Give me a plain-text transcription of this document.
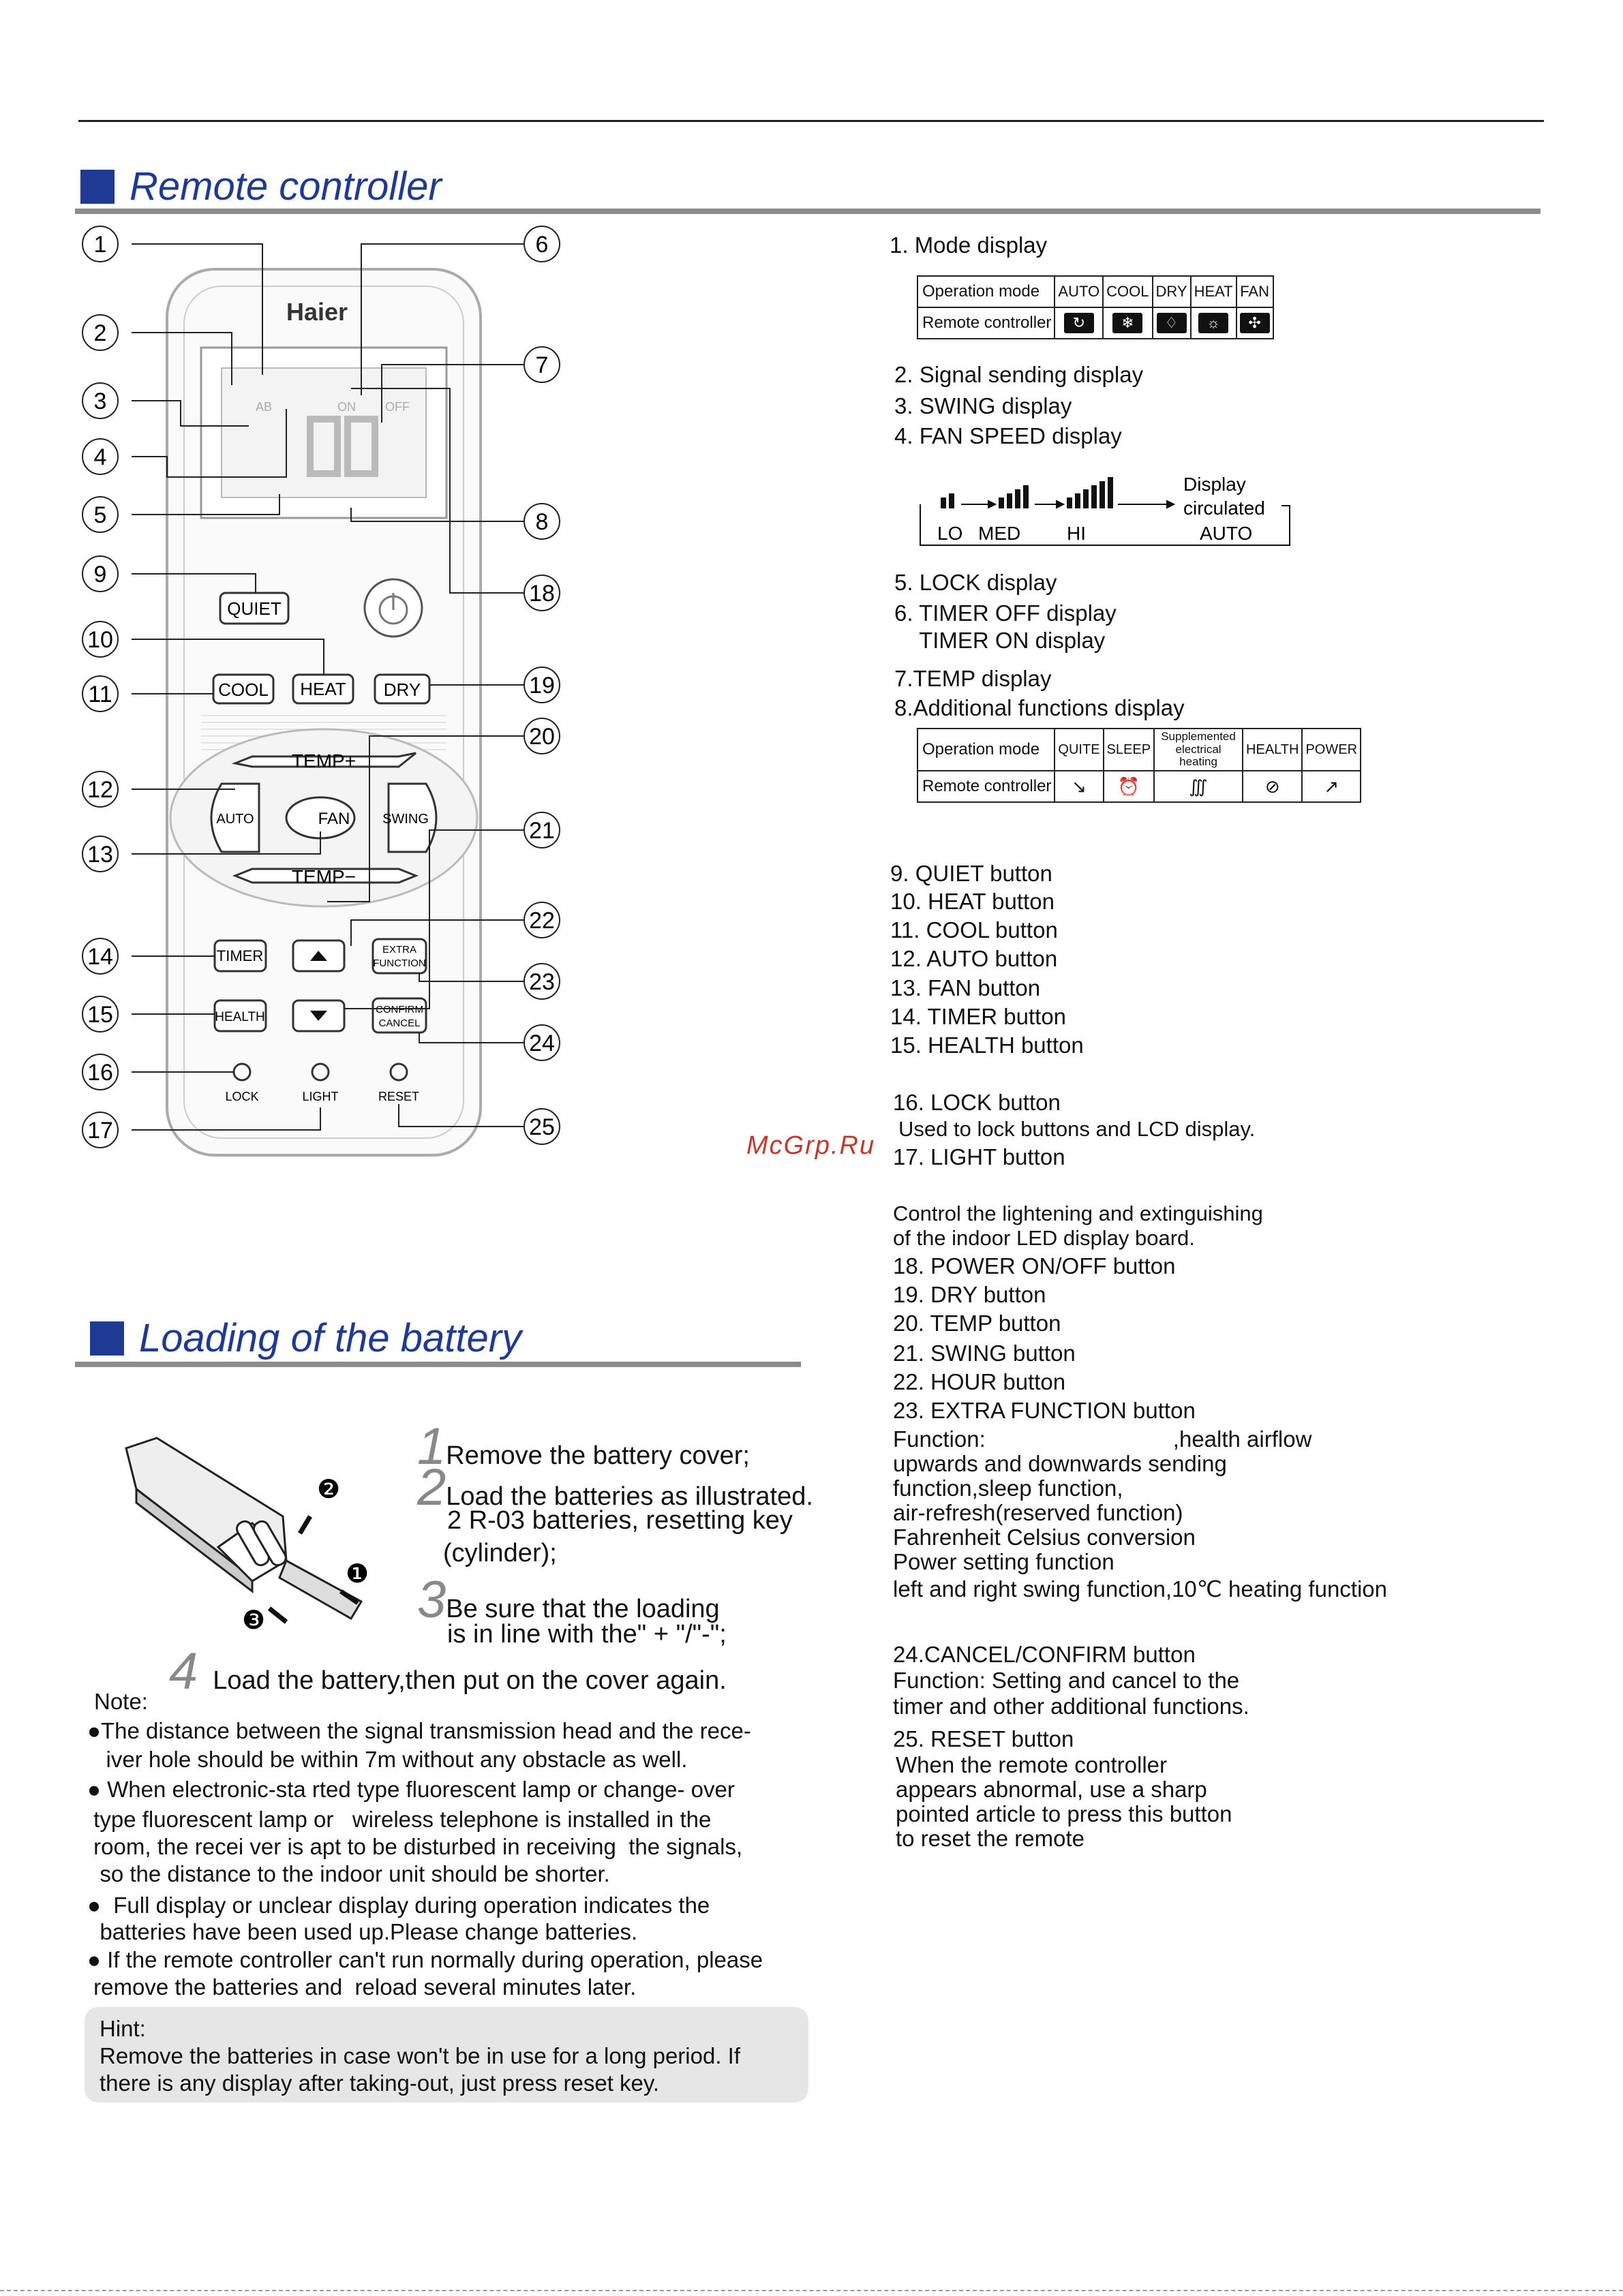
Remote controller
Haier
AB	ON OFF
QUIET
COOL HEAT DRY
TEMP+
TEMP−
AUTO	SWING
FAN
TIMER
HEALTH
EXTRA
FUNCTION
CONFIRM
CANCEL
LOCK	LIGHT	RESET
1
2
3
4
5
9
10
11
12
13
14
15
16
17
6
7
8
18
19
20
21
22
23
24
25
1. Mode display
Operation mode	AUTO	COOL	DRY	HEAT	FAN
Remote controller	↻	❄	♢	☼	✣
2. Signal sending display
3. SWING display
4. FAN SPEED display
LO MED HI	AUTO
Display
circulated
5. LOCK display
6. TIMER OFF display
TIMER ON display
7.TEMP display
8.Additional functions display
Operation mode	QUITE	SLEEP	Supplemented electrical heating	HEALTH	POWER
Remote controller	↘	⏰	∭	⊘	↗
9. QUIET button
10. HEAT button
11. COOL button
12. AUTO button
13. FAN button
14. TIMER button
15. HEALTH button
16. LOCK button
Used to lock buttons and LCD display.
17. LIGHT button
Control the lightening and extinguishing
of the indoor LED display board.
18. POWER ON/OFF button
19. DRY button
20. TEMP button
21. SWING button
22. HOUR button
23. EXTRA FUNCTION button
Function:                              ,health airflow
upwards and downwards sending
function,sleep function,
air-refresh(reserved function)
Fahrenheit Celsius conversion
Power setting function
left and right swing function,10℃ heating function
24.CANCEL/CONFIRM button
Function: Setting and cancel to the
timer and other additional functions.
25. RESET button
When the remote controller
appears abnormal, use a sharp
pointed article to press this button
to reset the remote
McGrp.Ru
Loading of the battery
❷
❶
❸
1Remove the battery cover;
2Load the batteries as illustrated.
2 R-03 batteries, resetting key
(cylinder);
3Be sure that the loading
is in line with the" + "/"-";
4 Load the battery,then put on the cover again.
Note:
●The distance between the signal transmission head and the rece-
iver hole should be within 7m without any obstacle as well.
● When electronic-sta rted type fluorescent lamp or change- over
type fluorescent lamp or   wireless telephone is installed in the
room, the recei ver is apt to be disturbed in receiving  the signals,
so the distance to the indoor unit should be shorter.
●  Full display or unclear display during operation indicates the
batteries have been used up.Please change batteries.
● If the remote controller can't run normally during operation, please
remove the batteries and  reload several minutes later.
Hint:
Remove the batteries in case won't be in use for a long period. If
there is any display after taking-out, just press reset key.
